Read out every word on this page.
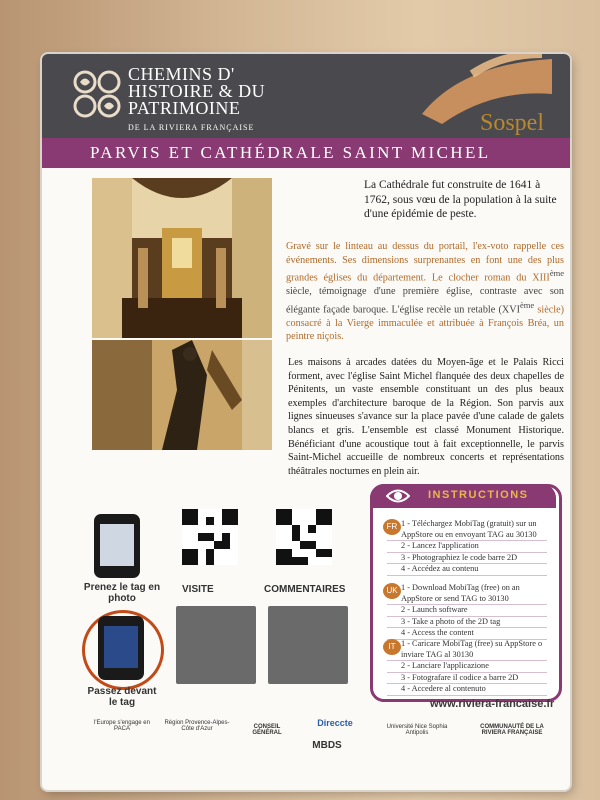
CHEMINS D'
HISTOIRE & DU
PATRIMOINE
DE LA RIVIERA FRANÇAISE	Sospel
PARVIS ET CATHÉDRALE SAINT MICHEL
La Cathédrale fut construite de 1641 à 1762, sous vœu de la population à la suite d'une épidémie de peste.
Gravé sur le linteau au dessus du portail, l'ex-voto rappelle ces événements. Ses dimensions surprenantes en font une des plus grandes églises du département. Le clocher roman du XIIIème siècle, témoignage d'une première église, contraste avec son élégante façade baroque. L'église recèle un retable (XVIème siècle) consacré à la Vierge immaculée et attribuée à François Bréa, un peintre niçois.
Les maisons à arcades datées du Moyen-âge et le Palais Ricci forment, avec l'église Saint Michel flanquée des deux chapelles de Pénitents, un vaste ensemble constituant un des plus beaux exemples d'architecture baroque de la Région. Son parvis aux lignes sinueuses s'avance sur la place pavée d'une calade de galets blancs et gris. L'ensemble est classé Monument Historique. Bénéficiant d'une acoustique tout à fait exceptionnelle, le parvis Saint-Michel accueille de nombreux concerts et représentations théâtrales nocturnes en plein air.
Prenez le tag en photo
Passez devant le tag
VISITE	COMMENTAIRES
INSTRUCTIONS
FR 1 - Téléchargez MobiTag (gratuit) sur un AppStore ou en envoyant TAG au 30130
2 - Lancez l'application
3 - Photographiez le code barre 2D
4 - Accédez au contenu
UK 1 - Download MobiTag (free) on an AppStore or send TAG to 30130
2 - Launch software
3 - Take a photo of the 2D tag
4 - Access the content
IT 1 - Caricare MobiTag (free) su AppStore o inviare TAG al 30130
2 - Lanciare l'applicazione
3 - Fotografare il codice a barre 2D
4 - Accedere al contenuto
www.riviera-francaise.fr
l'Europe s'engage en PACA
Région Provence-Alpes-Côte d'Azur	CONSEIL GÉNÉRAL
MBDS
Direccte	Université Nice Sophia Antipolis
COMMUNAUTÉ DE LA RIVIERA FRANÇAISE
